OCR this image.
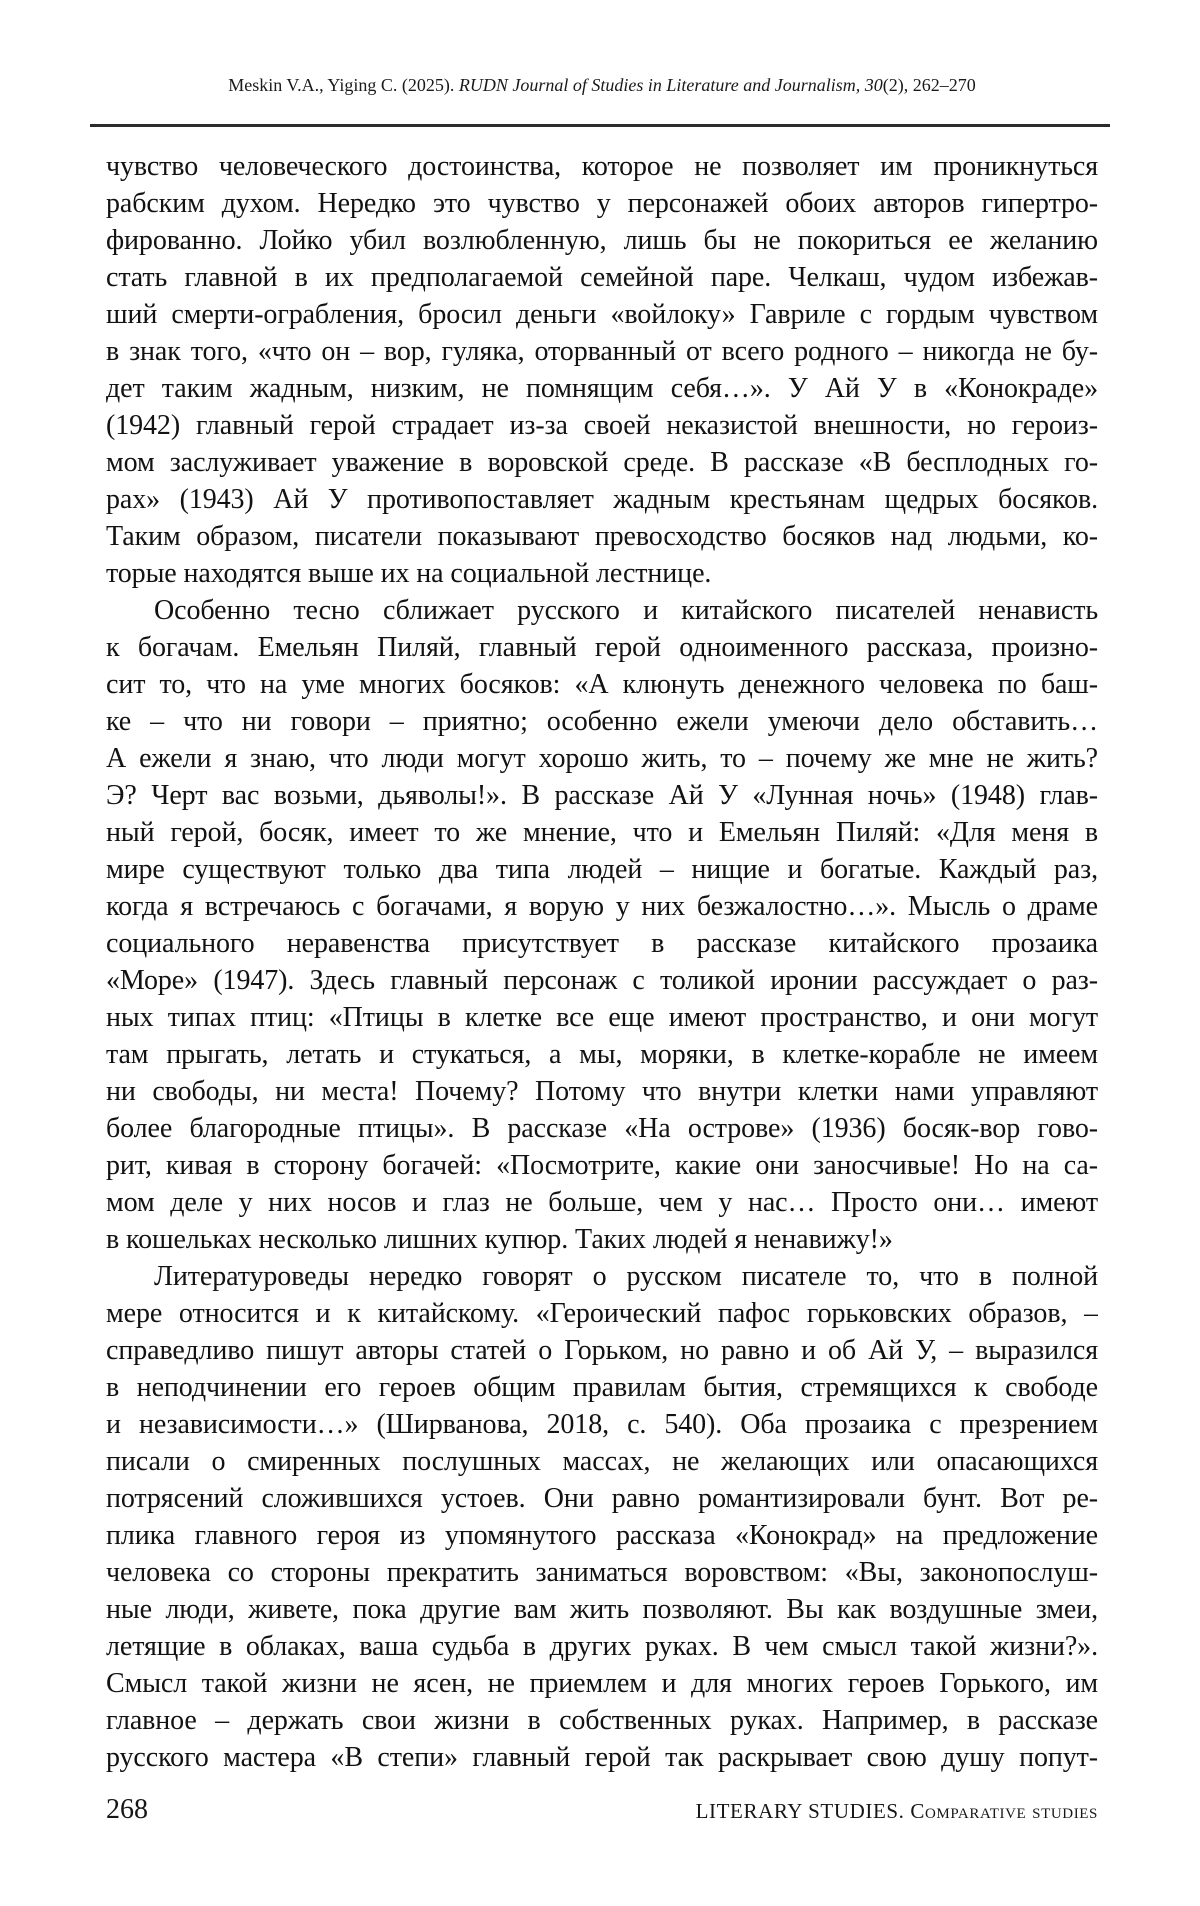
Meskin V.A., Yiging C. (2025). RUDN Journal of Studies in Literature and Journalism, 30(2), 262–270
чувство человеческого достоинства, которое не позволяет им проникнуться
рабским духом. Нередко это чувство у персонажей обоих авторов гипертро-
фированно. Лойко убил возлюбленную, лишь бы не покориться ее желанию
стать главной в их предполагаемой семейной паре. Челкаш, чудом избежав-
ший смерти-ограбления, бросил деньги «войлоку» Гавриле с гордым чувством
в знак того, «что он – вор, гуляка, оторванный от всего родного – никогда не бу-
дет таким жадным, низким, не помнящим себя…». У Ай У в «Конокраде»
(1942) главный герой страдает из-за своей неказистой внешности, но героиз-
мом заслуживает уважение в воровской среде. В рассказе «В бесплодных го-
рах» (1943) Ай У противопоставляет жадным крестьянам щедрых босяков.
Таким образом, писатели показывают превосходство босяков над людьми, ко-
торые находятся выше их на социальной лестнице.
Особенно тесно сближает русского и китайского писателей ненависть
к богачам. Емельян Пиляй, главный герой одноименного рассказа, произно-
сит то, что на уме многих босяков: «А клюнуть денежного человека по баш-
ке – что ни говори – приятно; особенно ежели умеючи дело обставить…
А ежели я знаю, что люди могут хорошо жить, то – почему же мне не жить?
Э? Черт вас возьми, дьяволы!». В рассказе Ай У «Лунная ночь» (1948) глав-
ный герой, босяк, имеет то же мнение, что и Емельян Пиляй: «Для меня в
мире существуют только два типа людей – нищие и богатые. Каждый раз,
когда я встречаюсь с богачами, я ворую у них безжалостно…». Мысль о драме
социального неравенства присутствует в рассказе китайского прозаика
«Море» (1947). Здесь главный персонаж с толикой иронии рассуждает о раз-
ных типах птиц: «Птицы в клетке все еще имеют пространство, и они могут
там прыгать, летать и стукаться, а мы, моряки, в клетке-корабле не имеем
ни свободы, ни места! Почему? Потому что внутри клетки нами управляют
более благородные птицы». В рассказе «На острове» (1936) босяк-вор гово-
рит, кивая в сторону богачей: «Посмотрите, какие они заносчивые! Но на са-
мом деле у них носов и глаз не больше, чем у нас… Просто они… имеют
в кошельках несколько лишних купюр. Таких людей я ненавижу!»
Литературоведы нередко говорят о русском писателе то, что в полной
мере относится и к китайскому. «Героический пафос горьковских образов, –
справедливо пишут авторы статей о Горьком, но равно и об Ай У, – выразился
в неподчинении его героев общим правилам бытия, стремящихся к свободе
и независимости…» (Ширванова, 2018, с. 540). Оба прозаика с презрением
писали о смиренных послушных массах, не желающих или опасающихся
потрясений сложившихся устоев. Они равно романтизировали бунт. Вот ре-
плика главного героя из упомянутого рассказа «Конокрад» на предложение
человека со стороны прекратить заниматься воровством: «Вы, законопослуш-
ные люди, живете, пока другие вам жить позволяют. Вы как воздушные змеи,
летящие в облаках, ваша судьба в других руках. В чем смысл такой жизни?».
Смысл такой жизни не ясен, не приемлем и для многих героев Горького, им
главное – держать свои жизни в собственных руках. Например, в рассказе
русского мастера «В степи» главный герой так раскрывает свою душу попут-
268	LITERARY STUDIES. Comparative studies
